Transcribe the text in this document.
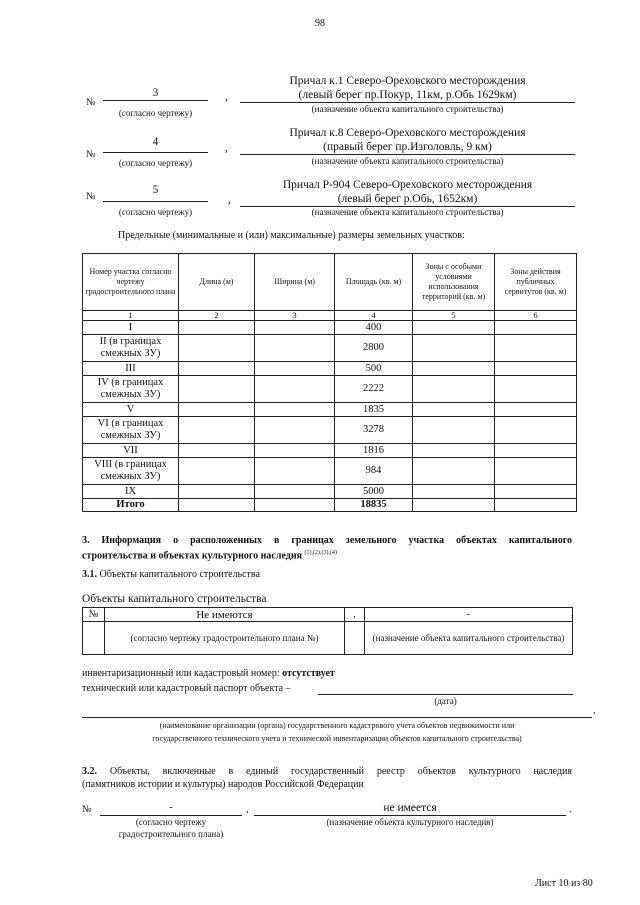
98
№
3
(согласно чертежу)
,
Причал к.1 Северо-Ореховского месторождения
(левый берег пр.Покур, 11км, р.Обь 1629км)
(назначение объекта капитального строительства)
№
4
(согласно чертежу)
,
Причал к.8 Северо-Ореховского месторождения
(правый берег пр.Изголовль, 9 км)
(назначение объекта капитального строительства)
№
5
(согласно чертежу)
,
Причал Р-904 Северо-Ореховского месторождения
(левый берег р.Обь, 1652км)
(назначение объекта капитального строительства)
Предельные (минимальные и (или) максимальные) размеры земельных участков:
Номер участка согласно чертежу градостроительного плана	Длина (м)	Ширина (м)	Площадь (кв. м)	Зоны с особыми условиями использования территорий (кв. м)	Зоны действия публичных сервитутов (кв. м)
1	2	3	4	5	6
I			400		
II (в границах смежных ЗУ)			2800		
III			500		
IV (в границах смежных ЗУ)			2222		
V			1835		
VI (в границах смежных ЗУ)			3278		
VII			1816		
VIII (в границах смежных ЗУ)			984		
IX			5000		
Итого			18835		
3. Информация о расположенных в границах земельного участка объектах капитального
строительства и объектах культурного наследия $^{(1),(2),(3),(4)}$
3.1. Объекты капитального строительства
Объекты капитального строительства
№	Не имеются	,	-
	(согласно чертежу градостроительного плана №)		(назначение объекта капитального строительства)
,
инвентаризационный или кадастровый номер: отсутствует
технический или кадастровый паспорт объекта –
(дата)
,
(наименование организации (органа) государственного кадастрового учета объектов недвижимости или
государственного технического учета и технической инвентаризации объектов капитального строительства)
3.2. Объекты, включенные в единый государственный реестр объектов культурного наследия
(памятников истории и культуры) народов Российской Федерации
№	-	,	не имеется	.
(согласно чертежу
градостроительного плана)
(назначение объекта культурного наследия)
Лист 10 из 80
